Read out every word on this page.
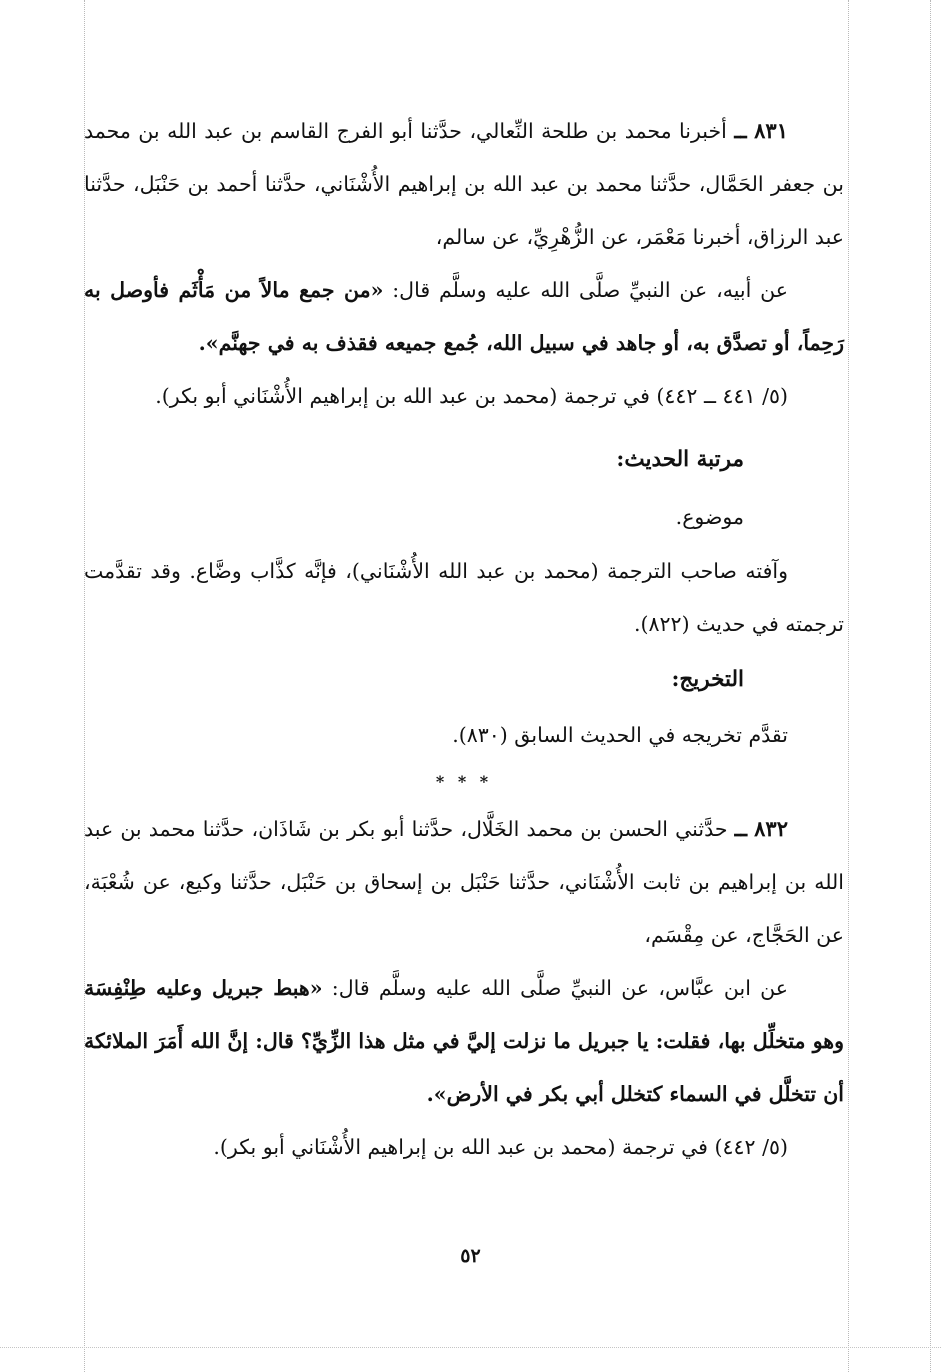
٨٣١ ــ أخبرنا محمد بن طلحة النِّعالي، حدَّثنا أبو الفرج القاسم بن عبد الله بن محمد بن جعفر الحَمَّال، حدَّثنا محمد بن عبد الله بن إبراهيم الأُشْنَاني، حدَّثنا أحمد بن حَنْبَل، حدَّثنا عبد الرزاق، أخبرنا مَعْمَر، عن الزُّهْرِيِّ، عن سالم،

عن أبيه، عن النبيِّ صلَّى الله عليه وسلَّم قال: «من جمع مالاً من مَأْثَم فأوصل به رَحِماً، أو تصدَّق به، أو جاهد في سبيل الله، جُمع جميعه فقذف به في جهنَّم».

(٥/ ٤٤١ ــ ٤٤٢) في ترجمة (محمد بن عبد الله بن إبراهيم الأُشْنَاني أبو بكر).

مرتبة الحديث:

موضوع.

وآفته صاحب الترجمة (محمد بن عبد الله الأُشْنَاني)، فإنَّه كذَّاب وضَّاع. وقد تقدَّمت ترجمته في حديث (٨٢٢).

التخريج:

تقدَّم تخريجه في الحديث السابق (٨٣٠).

* * *

٨٣٢ ــ حدَّثني الحسن بن محمد الخَلَّال، حدَّثنا أبو بكر بن شَاذَان، حدَّثنا محمد بن عبد الله بن إبراهيم بن ثابت الأُشْنَاني، حدَّثنا حَنْبَل بن إسحاق بن حَنْبَل، حدَّثنا وكيع، عن شُعْبَة، عن الحَجَّاج، عن مِقْسَم،

عن ابن عبَّاس، عن النبيِّ صلَّى الله عليه وسلَّم قال: «هبط جبريل وعليه طِنْفِسَة وهو متخلِّل بها، فقلت: يا جبريل ما نزلت إليَّ في مثل هذا الزِّيِّ؟ قال: إنَّ الله أَمَرَ الملائكة أن تتخلَّل في السماء كتخلل أبي بكر في الأرض».

(٥/ ٤٤٢) في ترجمة (محمد بن عبد الله بن إبراهيم الأُشْنَاني أبو بكر).

٥٢
